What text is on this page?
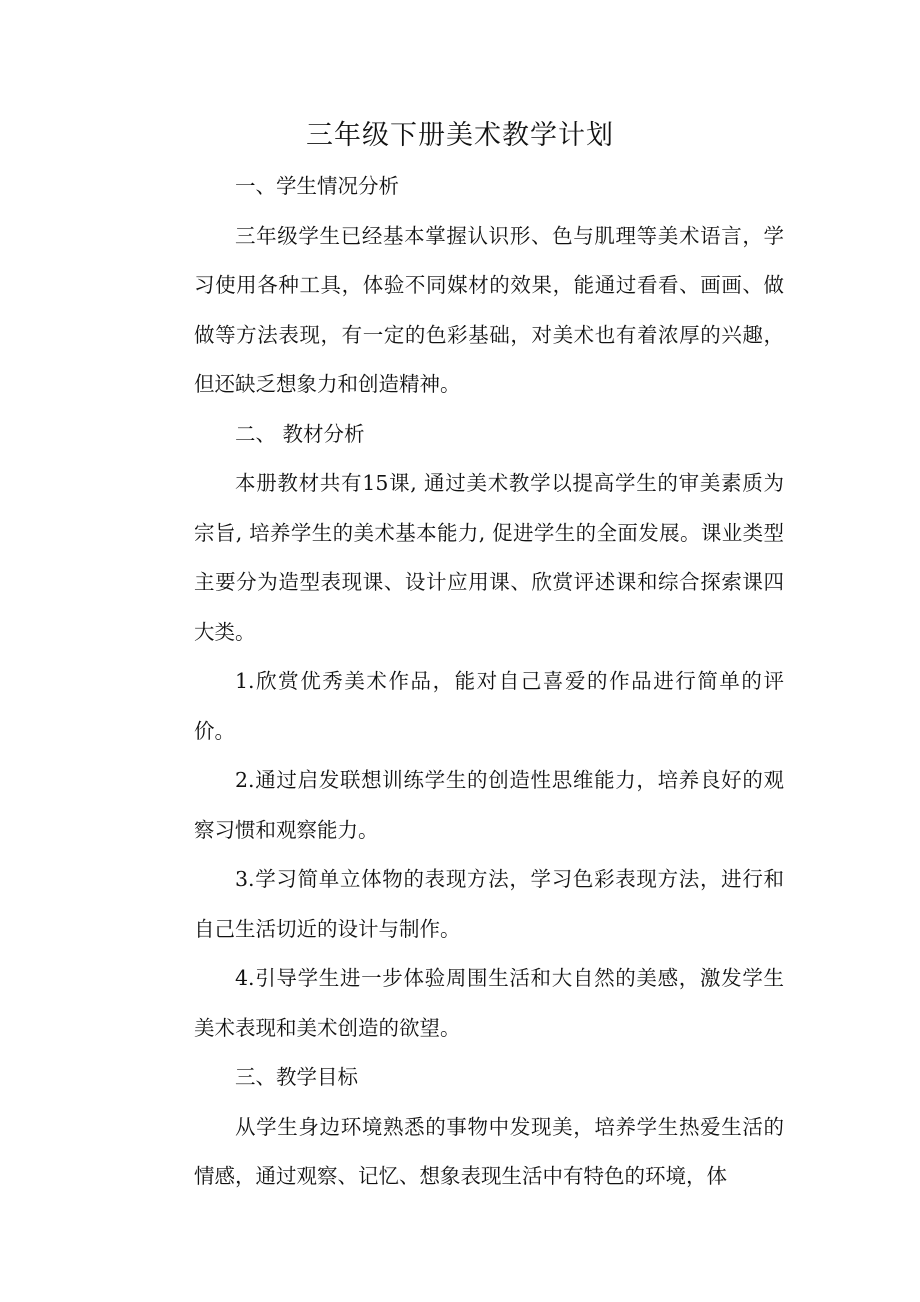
三年级下册美术教学计划

一、学生情况分析

三年级学生已经基本掌握认识形、色与肌理等美术语言，学习使用各种工具，体验不同媒材的效果，能通过看看、画画、做做等方法表现，有一定的色彩基础，对美术也有着浓厚的兴趣，但还缺乏想象力和创造精神。

二、 教材分析

本册教材共有15课, 通过美术教学以提高学生的审美素质为宗旨, 培养学生的美术基本能力, 促进学生的全面发展。课业类型主要分为造型表现课、设计应用课、欣赏评述课和综合探索课四大类。

1.欣赏优秀美术作品，能对自己喜爱的作品进行简单的评价。

2.通过启发联想训练学生的创造性思维能力，培养良好的观察习惯和观察能力。

3.学习简单立体物的表现方法，学习色彩表现方法，进行和自己生活切近的设计与制作。

4.引导学生进一步体验周围生活和大自然的美感，激发学生美术表现和美术创造的欲望。

三、教学目标

从学生身边环境熟悉的事物中发现美，培养学生热爱生活的情感，通过观察、记忆、想象表现生活中有特色的环境，体
